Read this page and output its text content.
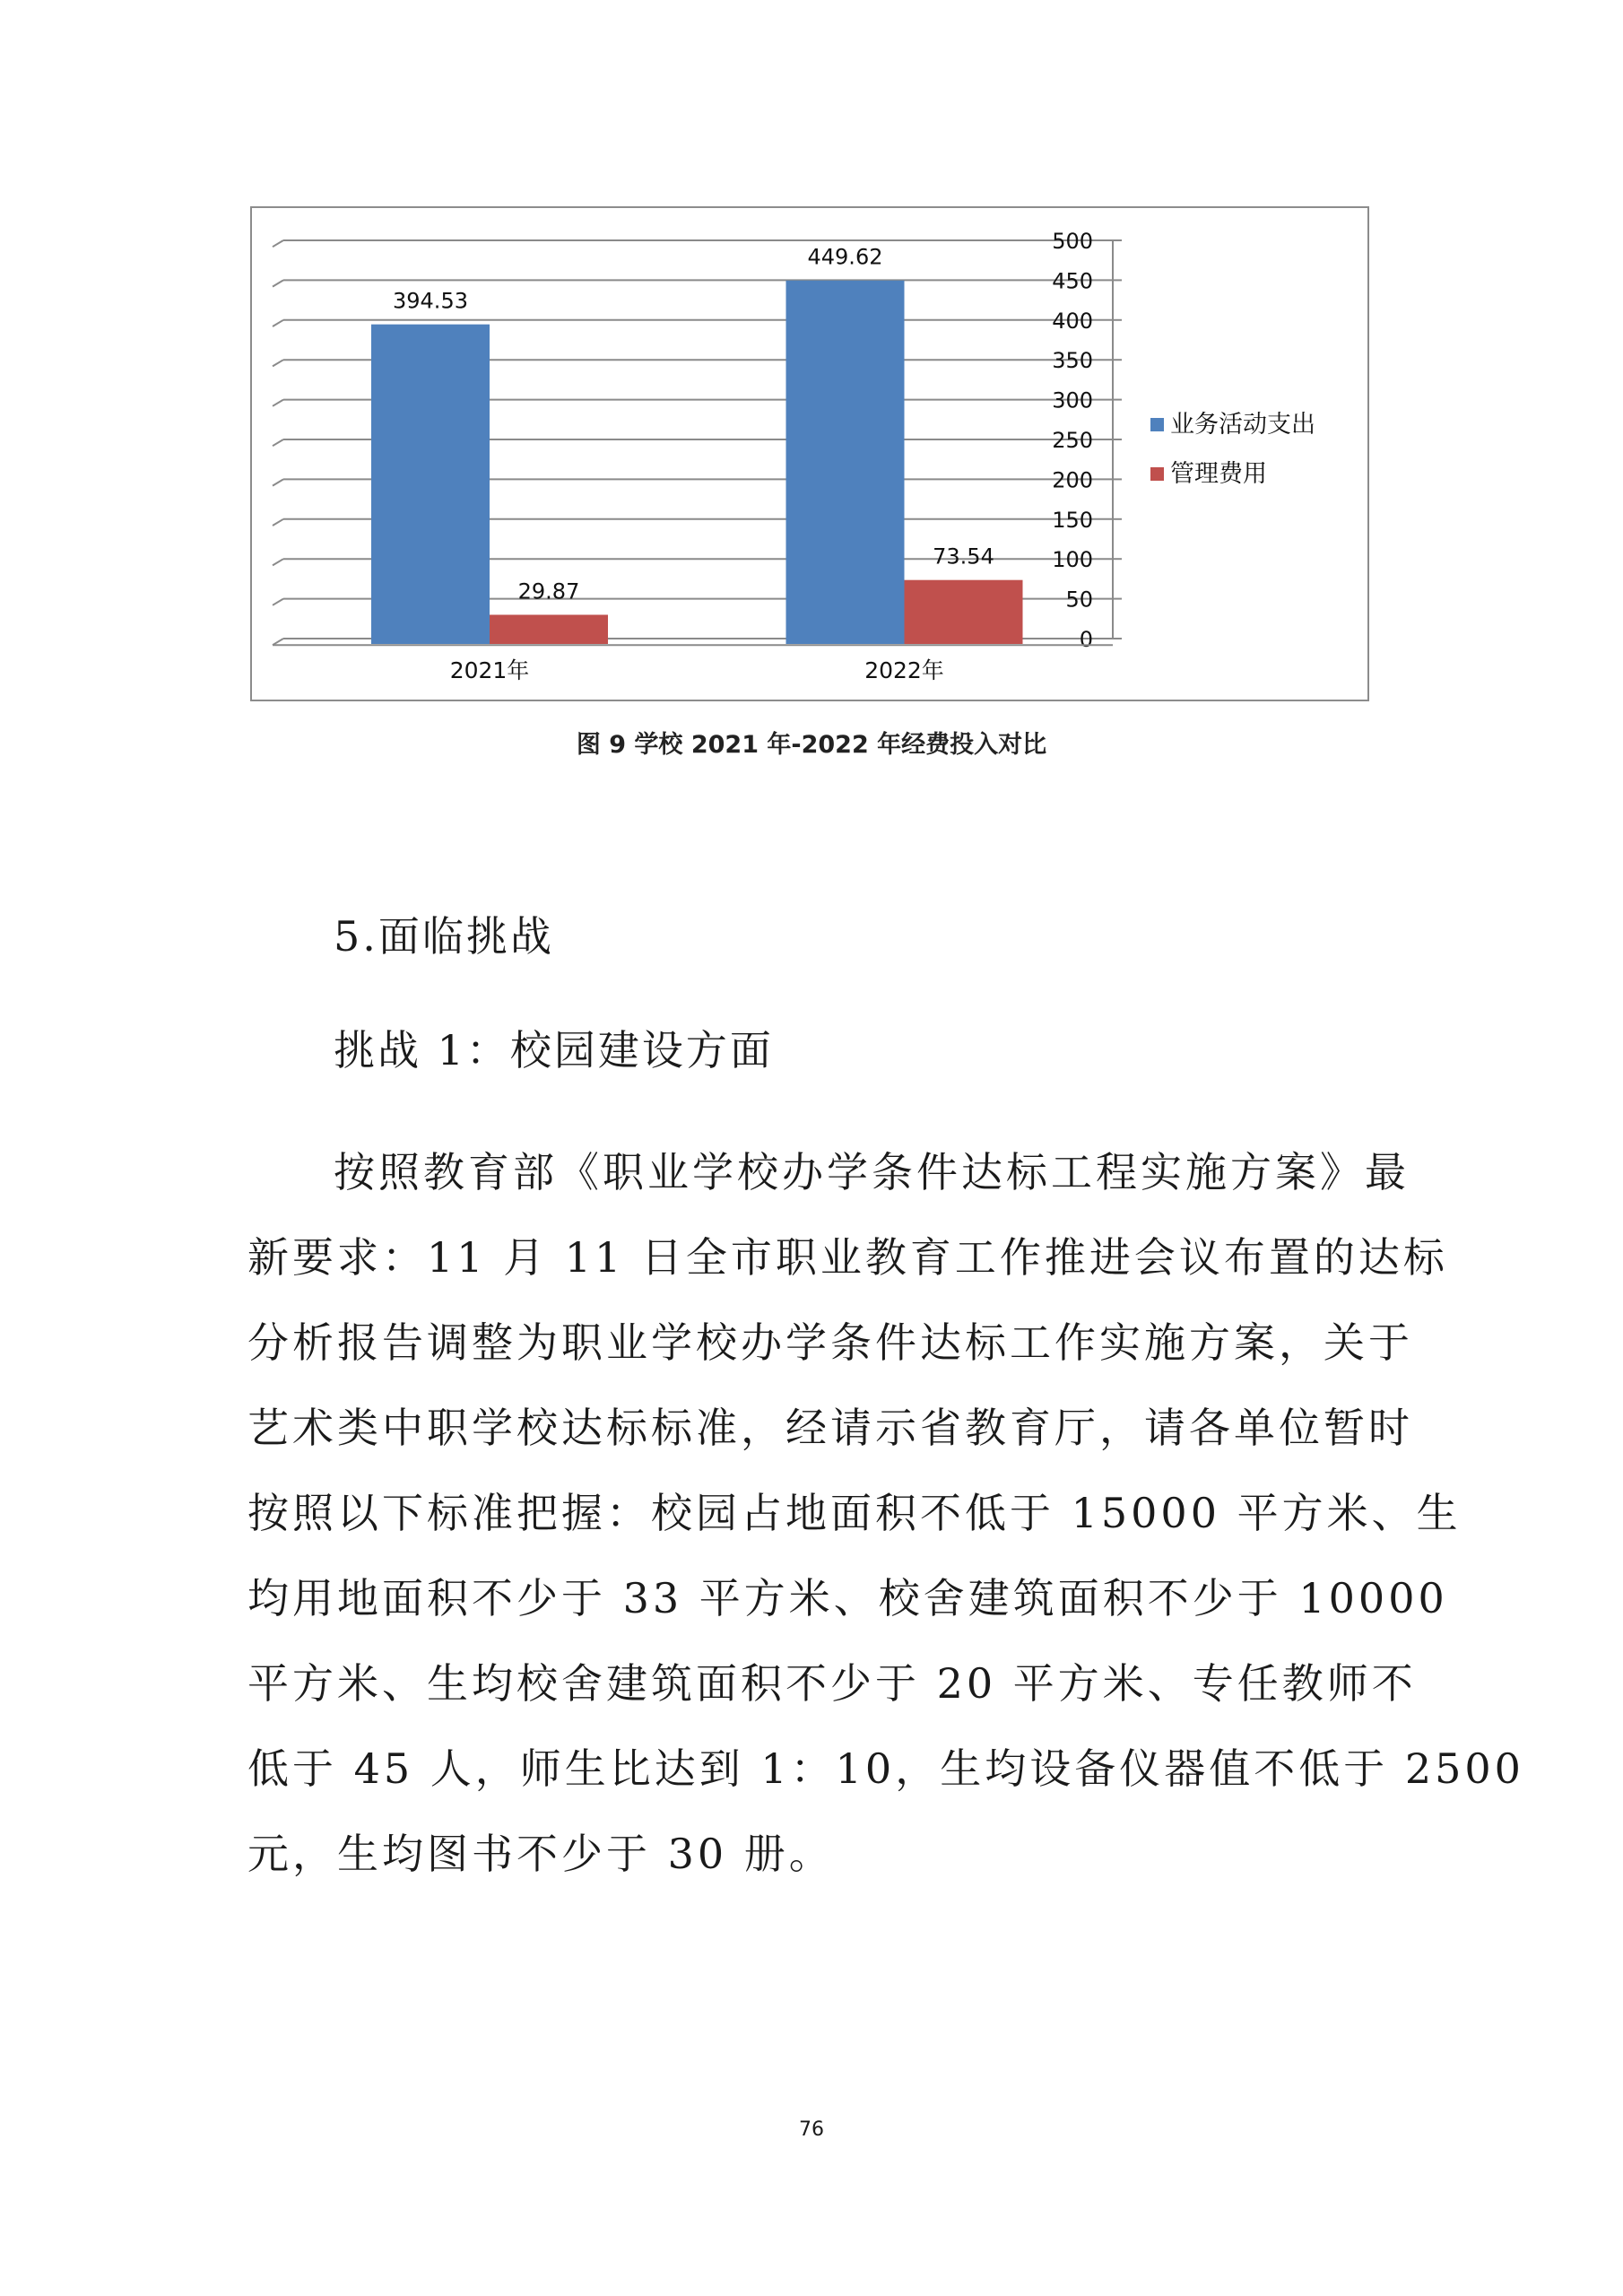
0
50
100
150
200
250
300
350
400
450
500
394.53
449.62
29.87
73.54
2021年	2022年
业务活动支出
管理费用
图 9 学校 2021 年-2022 年经费投入对比
5.面临挑战
挑战 1：校园建设方面

按照教育部《职业学校办学条件达标工程实施方案》最
新要求：11 月 11 日全市职业教育工作推进会议布置的达标
分析报告调整为职业学校办学条件达标工作实施方案，关于
艺术类中职学校达标标准，经请示省教育厅，请各单位暂时
按照以下标准把握：校园占地面积不低于 15000 平方米、生
均用地面积不少于 33 平方米、校舍建筑面积不少于 10000
平方米、生均校舍建筑面积不少于 20 平方米、专任教师不
低于 45 人，师生比达到 1：10，生均设备仪器值不低于 2500
元，生均图书不少于 30 册。

76
